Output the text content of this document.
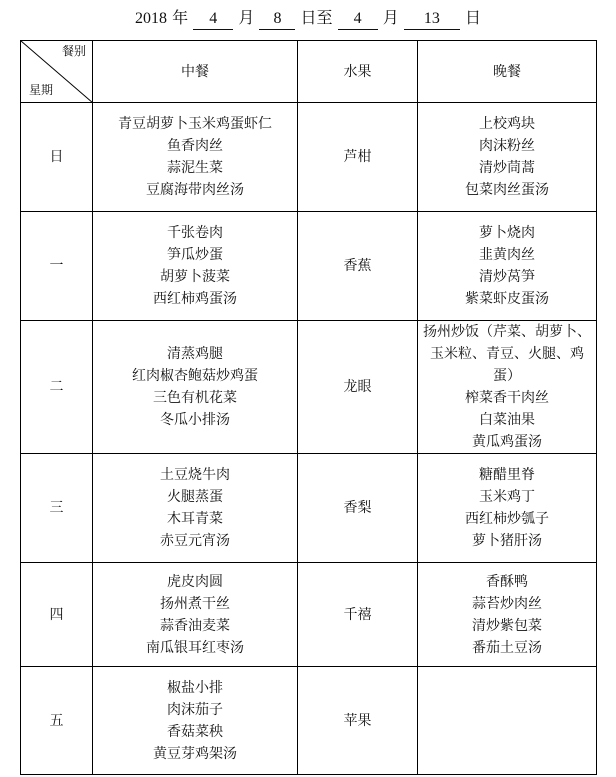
2018 年 4 月 8 日至 4 月 13 日
餐别
星期	中餐	水果	晚餐
日	青豆胡萝卜玉米鸡蛋虾仁
鱼香肉丝
蒜泥生菜
豆腐海带肉丝汤	芦柑	上校鸡块
肉沫粉丝
清炒茼蒿
包菜肉丝蛋汤

一	千张卷肉
笋瓜炒蛋
胡萝卜菠菜
西红柿鸡蛋汤	香蕉	萝卜烧肉
韭黄肉丝
清炒莴笋
紫菜虾皮蛋汤

二	清蒸鸡腿
红肉椒杏鲍菇炒鸡蛋
三色有机花菜
冬瓜小排汤	龙眼	扬州炒饭（芹菜、胡萝卜、玉米粒、青豆、火腿、鸡蛋）
榨菜香干肉丝
白菜油果
黄瓜鸡蛋汤

三	土豆烧牛肉
火腿蒸蛋
木耳青菜
赤豆元宵汤	香梨	糖醋里脊
玉米鸡丁
西红柿炒瓠子
萝卜猪肝汤

四	虎皮肉圆
扬州煮干丝
蒜香油麦菜
南瓜银耳红枣汤	千禧	香酥鸭
蒜苔炒肉丝
清炒紫包菜
番茄土豆汤

五	椒盐小排
肉沫茄子
香菇菜秧
黄豆芽鸡架汤	苹果	
